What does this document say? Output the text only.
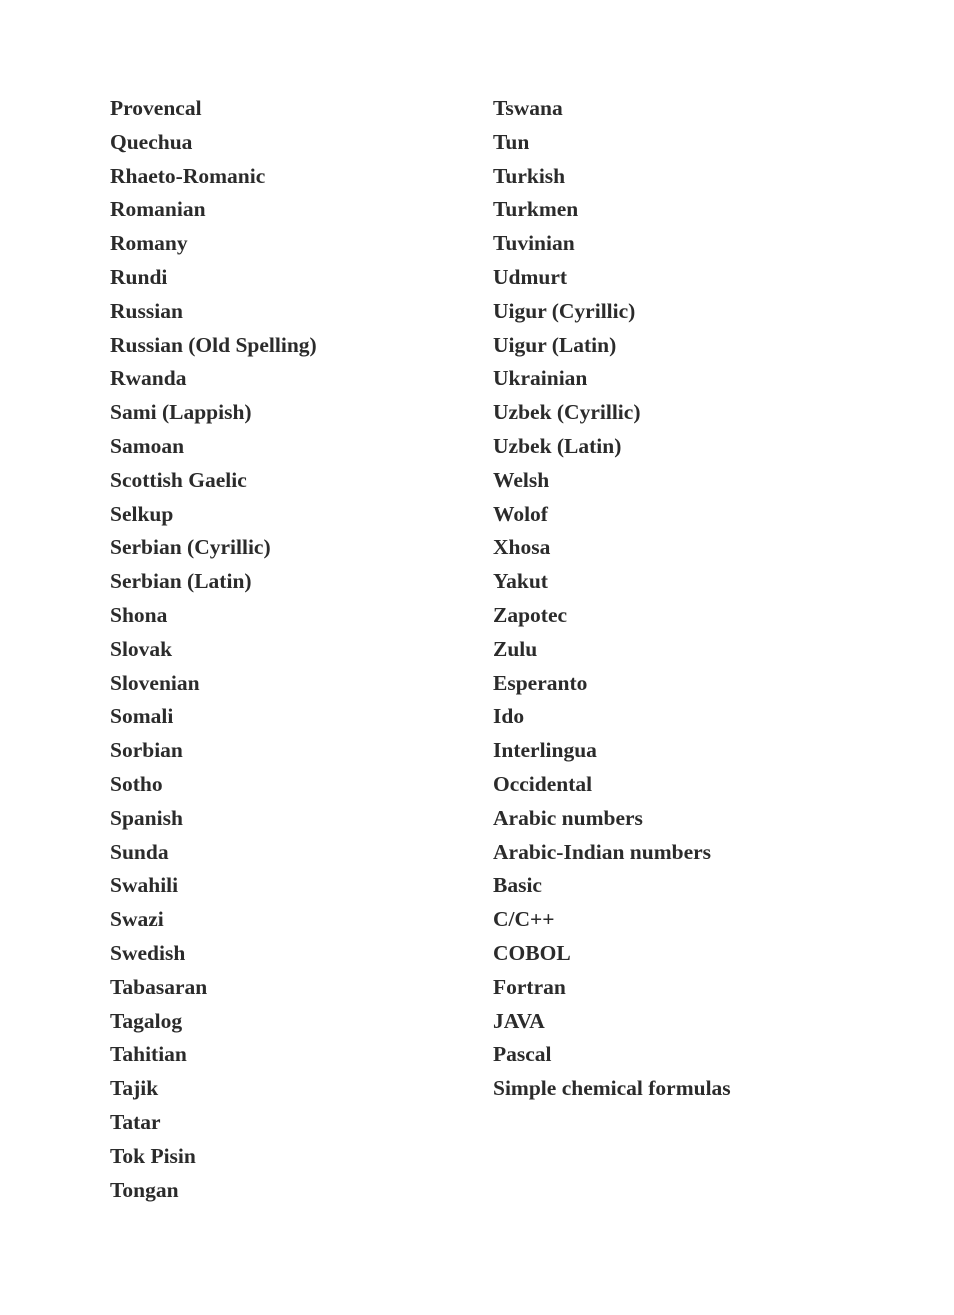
Provencal
Quechua
Rhaeto-Romanic
Romanian
Romany
Rundi
Russian
Russian (Old Spelling)
Rwanda
Sami (Lappish)
Samoan
Scottish Gaelic
Selkup
Serbian (Cyrillic)
Serbian (Latin)
Shona
Slovak
Slovenian
Somali
Sorbian
Sotho
Spanish
Sunda
Swahili
Swazi
Swedish
Tabasaran
Tagalog
Tahitian
Tajik
Tatar
Tok Pisin
Tongan
Tswana
Tun
Turkish
Turkmen
Tuvinian
Udmurt
Uigur (Cyrillic)
Uigur (Latin)
Ukrainian
Uzbek (Cyrillic)
Uzbek (Latin)
Welsh
Wolof
Xhosa
Yakut
Zapotec
Zulu
Esperanto
Ido
Interlingua
Occidental
Arabic numbers
Arabic-Indian numbers
Basic
C/C++
COBOL
Fortran
JAVA
Pascal
Simple chemical formulas
